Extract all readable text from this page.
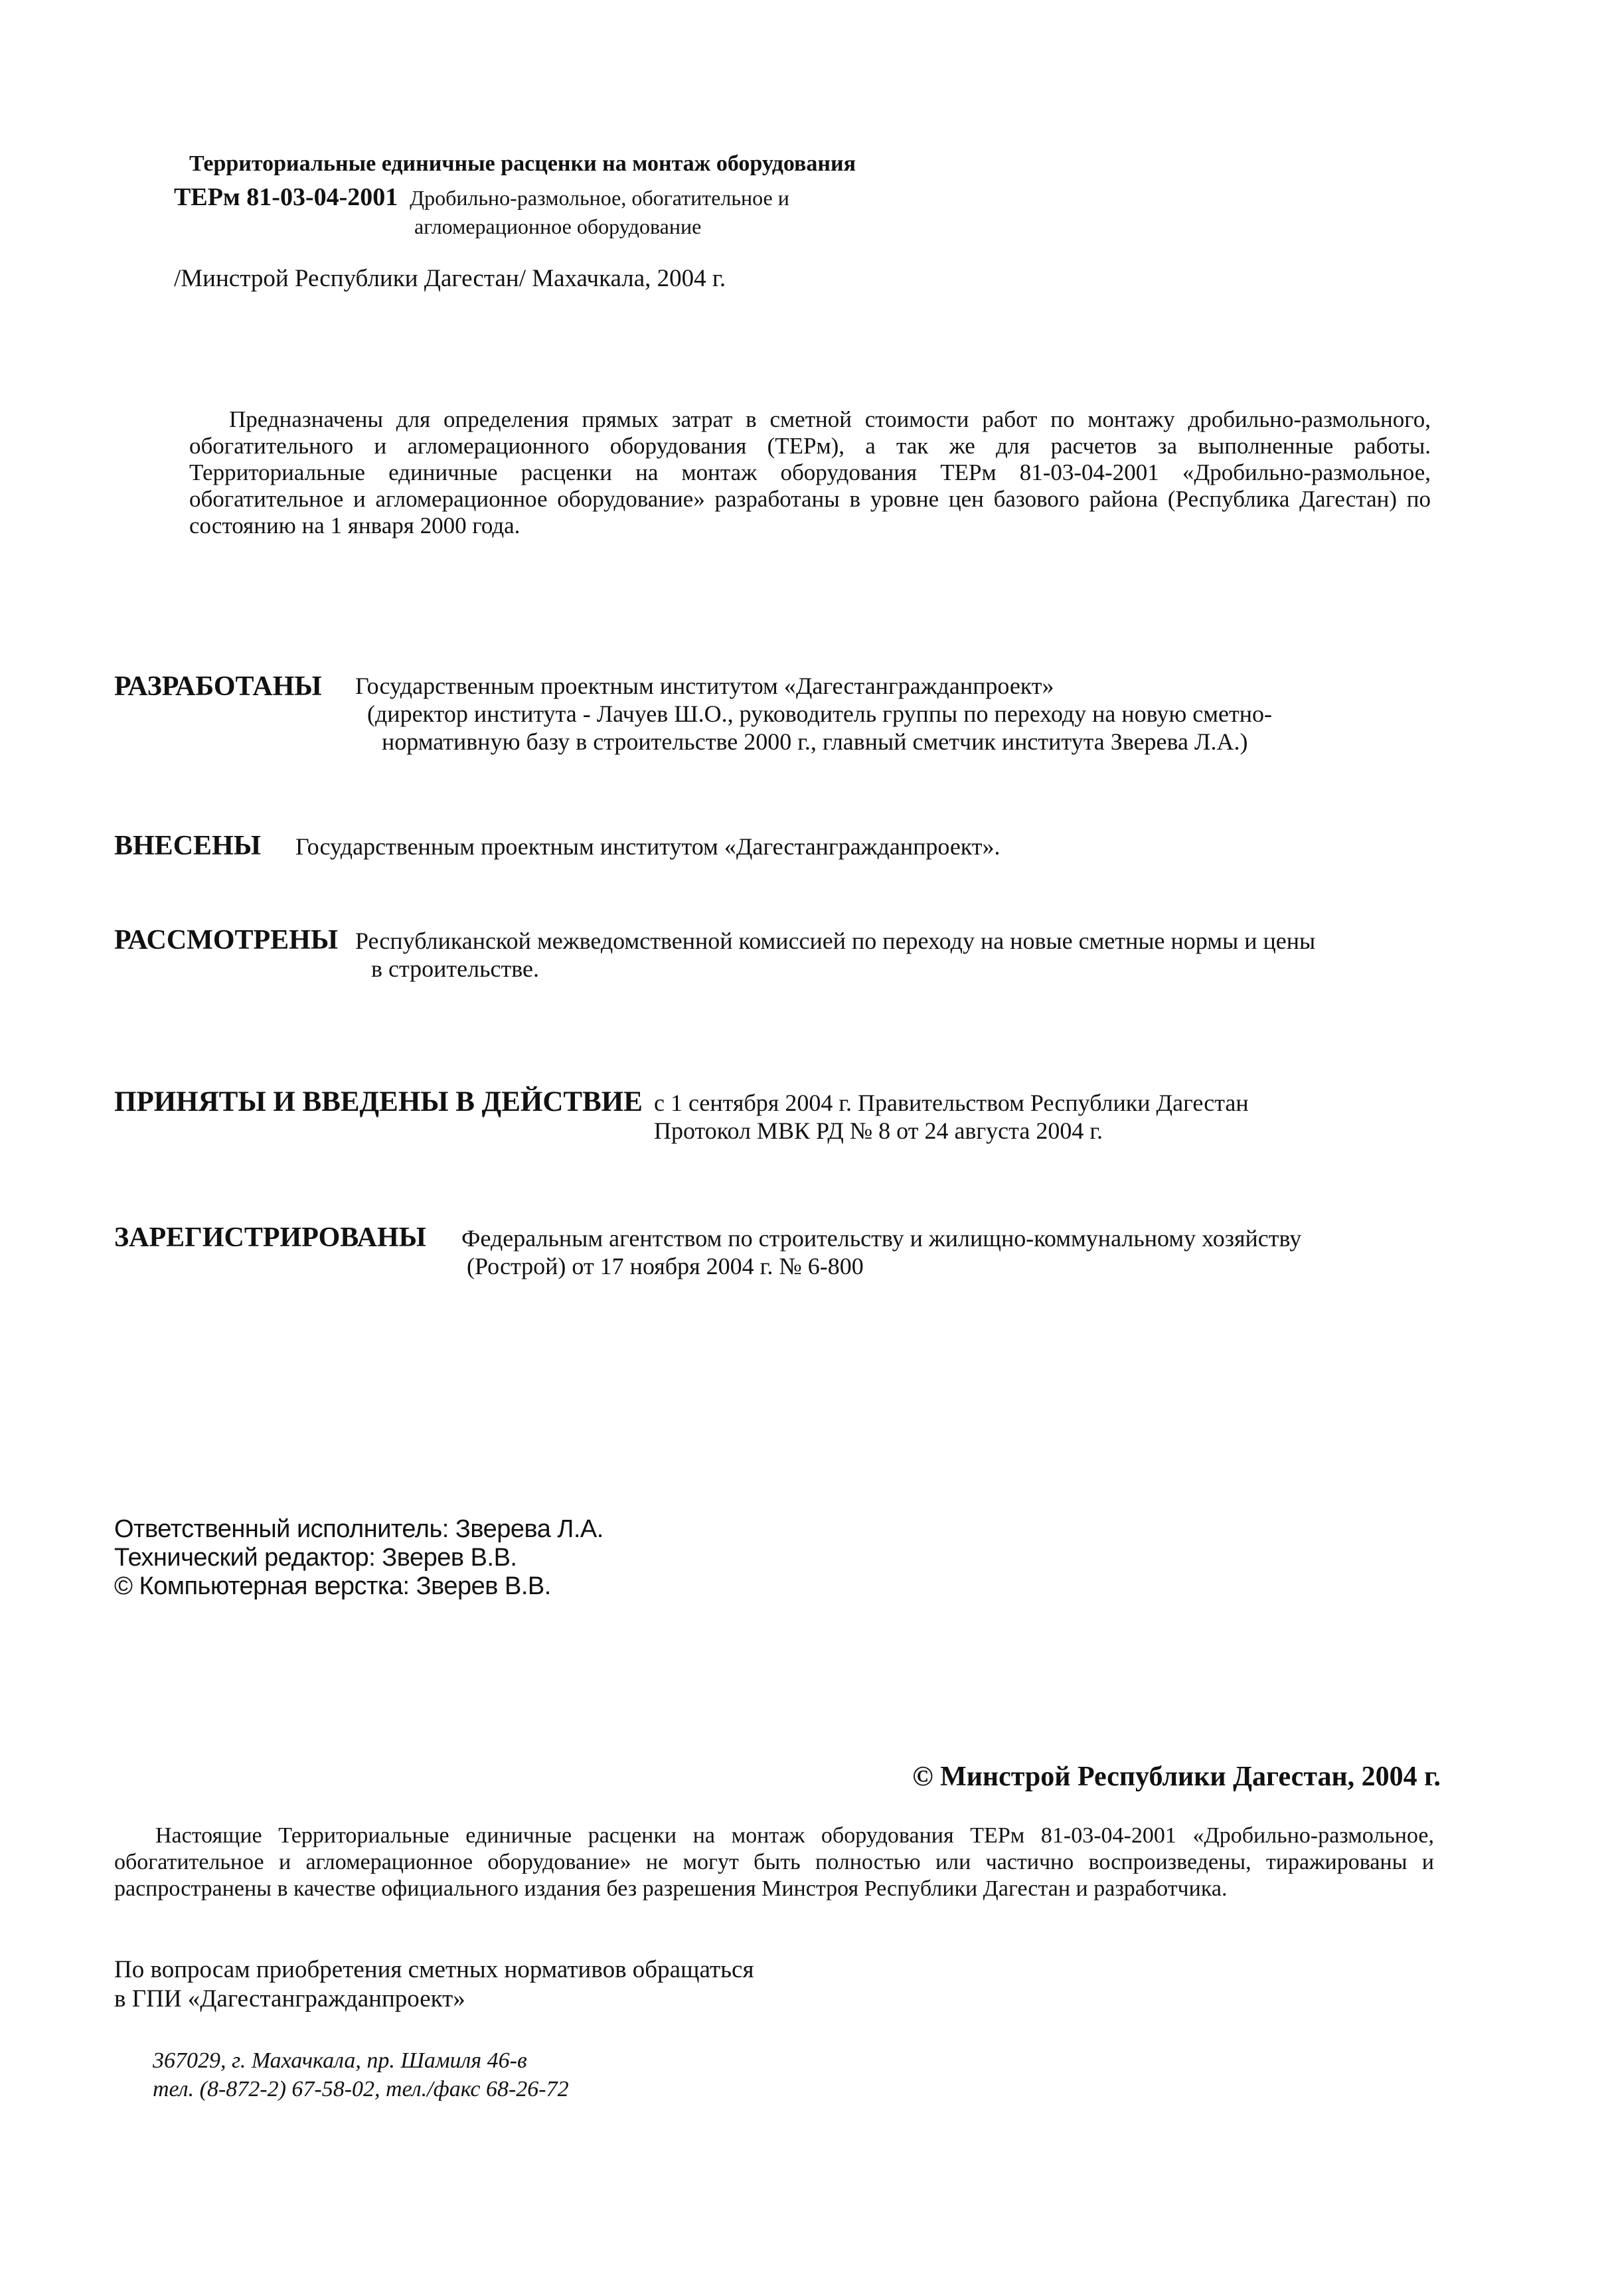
Территориальные единичные расценки на монтаж оборудования
ТЕРм 81-03-04-2001 Дробильно-размольное, обогатительное и
агломерационное оборудование
/Минстрой Республики Дагестан/ Махачкала, 2004 г.

Предназначены для определения прямых затрат в сметной стоимости работ по монтажу дробильно-размольного, обогатительного и агломерационного оборудования (ТЕРм), а так же для расчетов за выполненные работы. Территориальные единичные расценки на монтаж оборудования ТЕРм 81-03-04-2001 «Дробильно-размольное, обогатительное и агломерационное оборудование» разработаны в уровне цен базового района (Республика Дагестан) по состоянию на 1 января 2000 года.

РАЗРАБОТАНЫ Государственным проектным институтом «Дагестангражданпроект»
(директор института - Лачуев Ш.О., руководитель группы по переходу на новую сметно-
нормативную базу в строительстве 2000 г., главный сметчик института Зверева Л.А.)
ВНЕСЕНЫ Государственным проектным институтом «Дагестангражданпроект».
РАССМОТРЕНЫ Республиканской межведомственной комиссией по переходу на новые сметные нормы и цены
в строительстве.
ПРИНЯТЫ И ВВЕДЕНЫ В ДЕЙСТВИЕ с 1 сентября 2004 г. Правительством Республики Дагестан
Протокол МВК РД № 8 от 24 августа 2004 г.
ЗАРЕГИСТРИРОВАНЫ Федеральным агентством по строительству и жилищно-коммунальному хозяйству
(Рострой) от 17 ноября 2004 г. № 6-800
Ответственный исполнитель: Зверева Л.А.
Технический редактор: Зверев В.В.
© Компьютерная верстка: Зверев В.В.
© Минстрой Республики Дагестан, 2004 г.

Настоящие Территориальные единичные расценки на монтаж оборудования ТЕРм 81-03-04-2001 «Дробильно-размольное, обогатительное и агломерационное оборудование» не могут быть полностью или частично воспроизведены, тиражированы и распространены в качестве официального издания без разрешения Минстроя Республики Дагестан и разработчика.

По вопросам приобретения сметных нормативов обращаться
в ГПИ «Дагестангражданпроект»
367029, г. Махачкала, пр. Шамиля 46-в
тел. (8-872-2) 67-58-02, тел./факс 68-26-72
